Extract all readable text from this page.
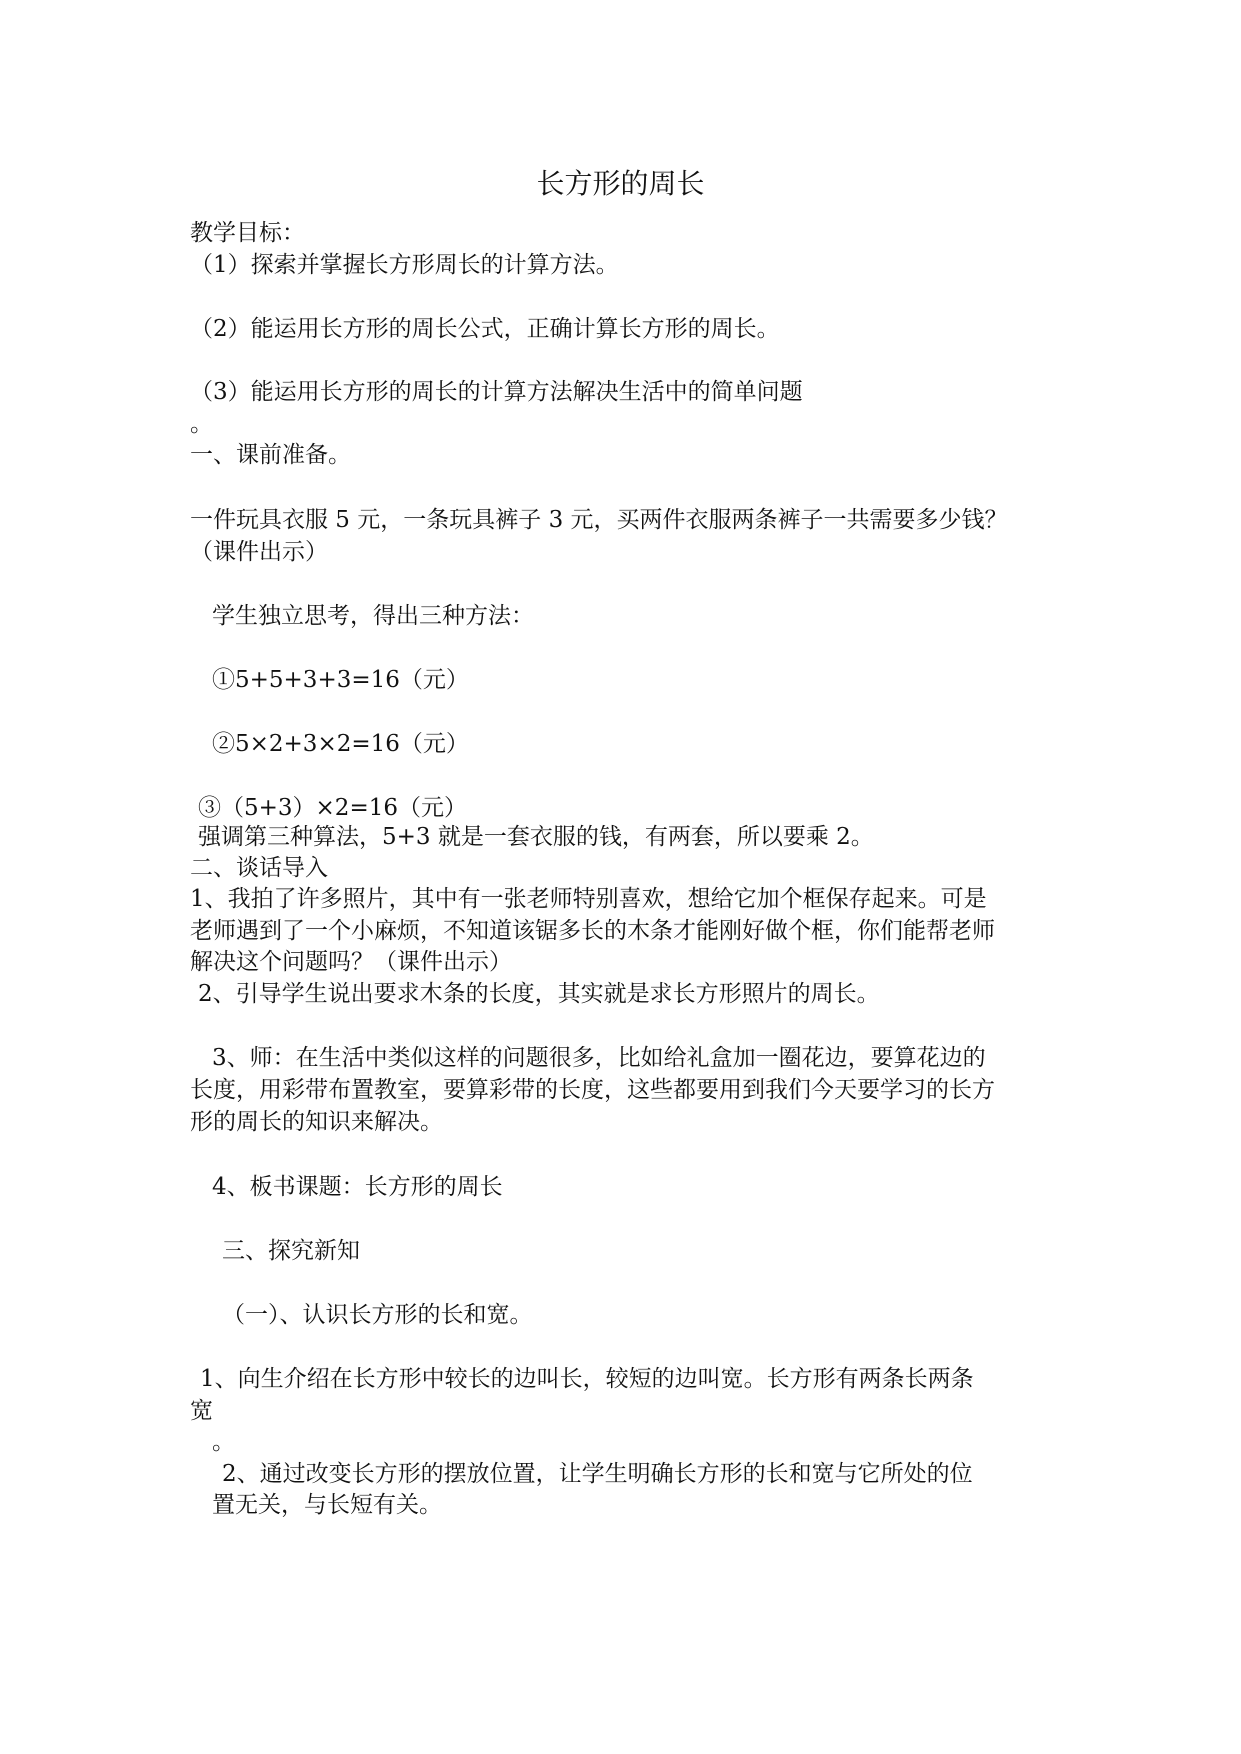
长方形的周长
教学目标：
（1）探索并掌握长方形周长的计算方法。
（2）能运用长方形的周长公式，正确计算长方形的周长。
（3）能运用长方形的周长的计算方法解决生活中的简单问题
。
一、课前准备。
一件玩具衣服 5 元，一条玩具裤子 3 元，买两件衣服两条裤子一共需要多少钱？
（课件出示）
学生独立思考，得出三种方法：
①5+5+3+3=16（元）
②5×2+3×2=16（元）
③（5+3）×2=16（元）
强调第三种算法，5+3 就是一套衣服的钱，有两套，所以要乘 2。
二、谈话导入
1、我拍了许多照片，其中有一张老师特别喜欢，想给它加个框保存起来。可是
老师遇到了一个小麻烦，不知道该锯多长的木条才能刚好做个框，你们能帮老师
解决这个问题吗？（课件出示）
2、引导学生说出要求木条的长度，其实就是求长方形照片的周长。
3、师：在生活中类似这样的问题很多，比如给礼盒加一圈花边，要算花边的
长度，用彩带布置教室，要算彩带的长度，这些都要用到我们今天要学习的长方
形的周长的知识来解决。
4、板书课题：长方形的周长
三、探究新知
（一）、认识长方形的长和宽。
1、向生介绍在长方形中较长的边叫长，较短的边叫宽。长方形有两条长两条
宽
。
2、通过改变长方形的摆放位置，让学生明确长方形的长和宽与它所处的位
置无关，与长短有关。
